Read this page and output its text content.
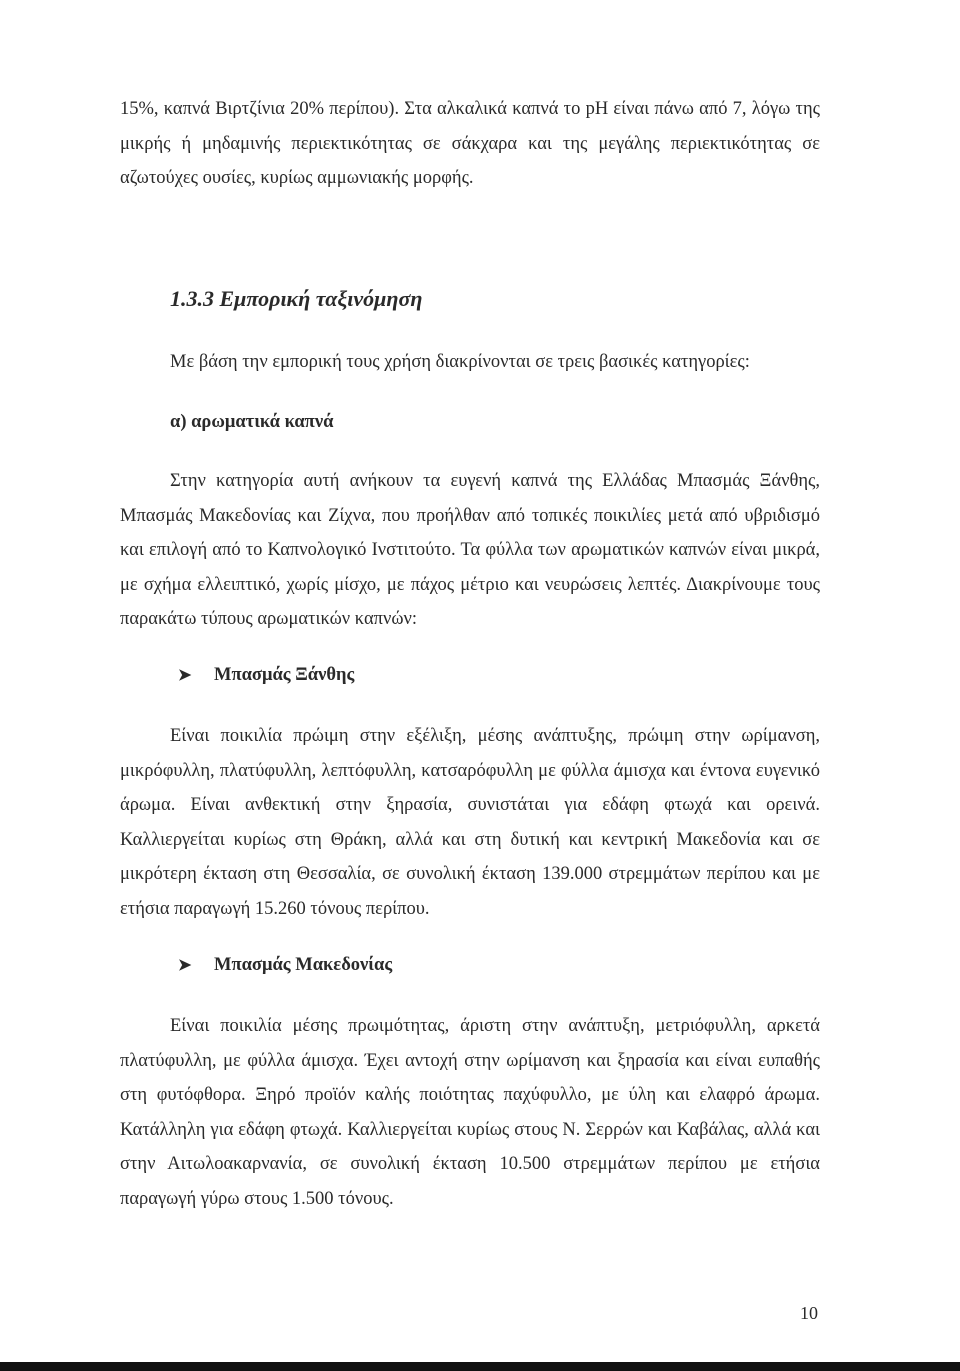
15%, καπνά Βιρτζίνια 20% περίπου). Στα αλκαλικά καπνά το pH είναι πάνω από 7, λόγω της μικρής ή μηδαμινής περιεκτικότητας σε σάκχαρα και της μεγάλης περιεκτικότητας σε αζωτούχες ουσίες, κυρίως αμμωνιακής μορφής.

1.3.3 Εμπορική ταξινόμηση

Με βάση την εμπορική τους χρήση διακρίνονται σε τρεις βασικές κατηγορίες:

α) αρωματικά καπνά

Στην κατηγορία αυτή ανήκουν τα ευγενή καπνά της Ελλάδας Μπασμάς Ξάνθης, Μπασμάς Μακεδονίας και Ζίχνα, που προήλθαν από τοπικές ποικιλίες μετά από υβριδισμό και επιλογή από το Καπνολογικό Ινστιτούτο. Τα φύλλα των αρωματικών καπνών είναι μικρά, με σχήμα ελλειπτικό, χωρίς μίσχο, με πάχος μέτριο και νευρώσεις λεπτές. Διακρίνουμε τους παρακάτω τύπους αρωματικών καπνών:

➤ Μπασμάς Ξάνθης

Είναι ποικιλία πρώιμη στην εξέλιξη, μέσης ανάπτυξης, πρώιμη στην ωρίμανση, μικρόφυλλη, πλατύφυλλη, λεπτόφυλλη, κατσαρόφυλλη με φύλλα άμισχα και έντονα ευγενικό άρωμα. Είναι ανθεκτική στην ξηρασία, συνιστάται για εδάφη φτωχά και ορεινά. Καλλιεργείται κυρίως στη Θράκη, αλλά και στη δυτική και κεντρική Μακεδονία και σε μικρότερη έκταση στη Θεσσαλία, σε συνολική έκταση 139.000 στρεμμάτων περίπου και με ετήσια παραγωγή 15.260 τόνους περίπου.

➤ Μπασμάς Μακεδονίας

Είναι ποικιλία μέσης πρωιμότητας, άριστη στην ανάπτυξη, μετριόφυλλη, αρκετά πλατύφυλλη, με φύλλα άμισχα. Έχει αντοχή στην ωρίμανση και ξηρασία και είναι ευπαθής στη φυτόφθορα. Ξηρό προϊόν καλής ποιότητας παχύφυλλο, με ύλη και ελαφρό άρωμα. Κατάλληλη για εδάφη φτωχά. Καλλιεργείται κυρίως στους Ν. Σερρών και Καβάλας, αλλά και στην Αιτωλοακαρνανία, σε συνολική έκταση 10.500 στρεμμάτων περίπου με ετήσια παραγωγή γύρω στους 1.500 τόνους.

10
